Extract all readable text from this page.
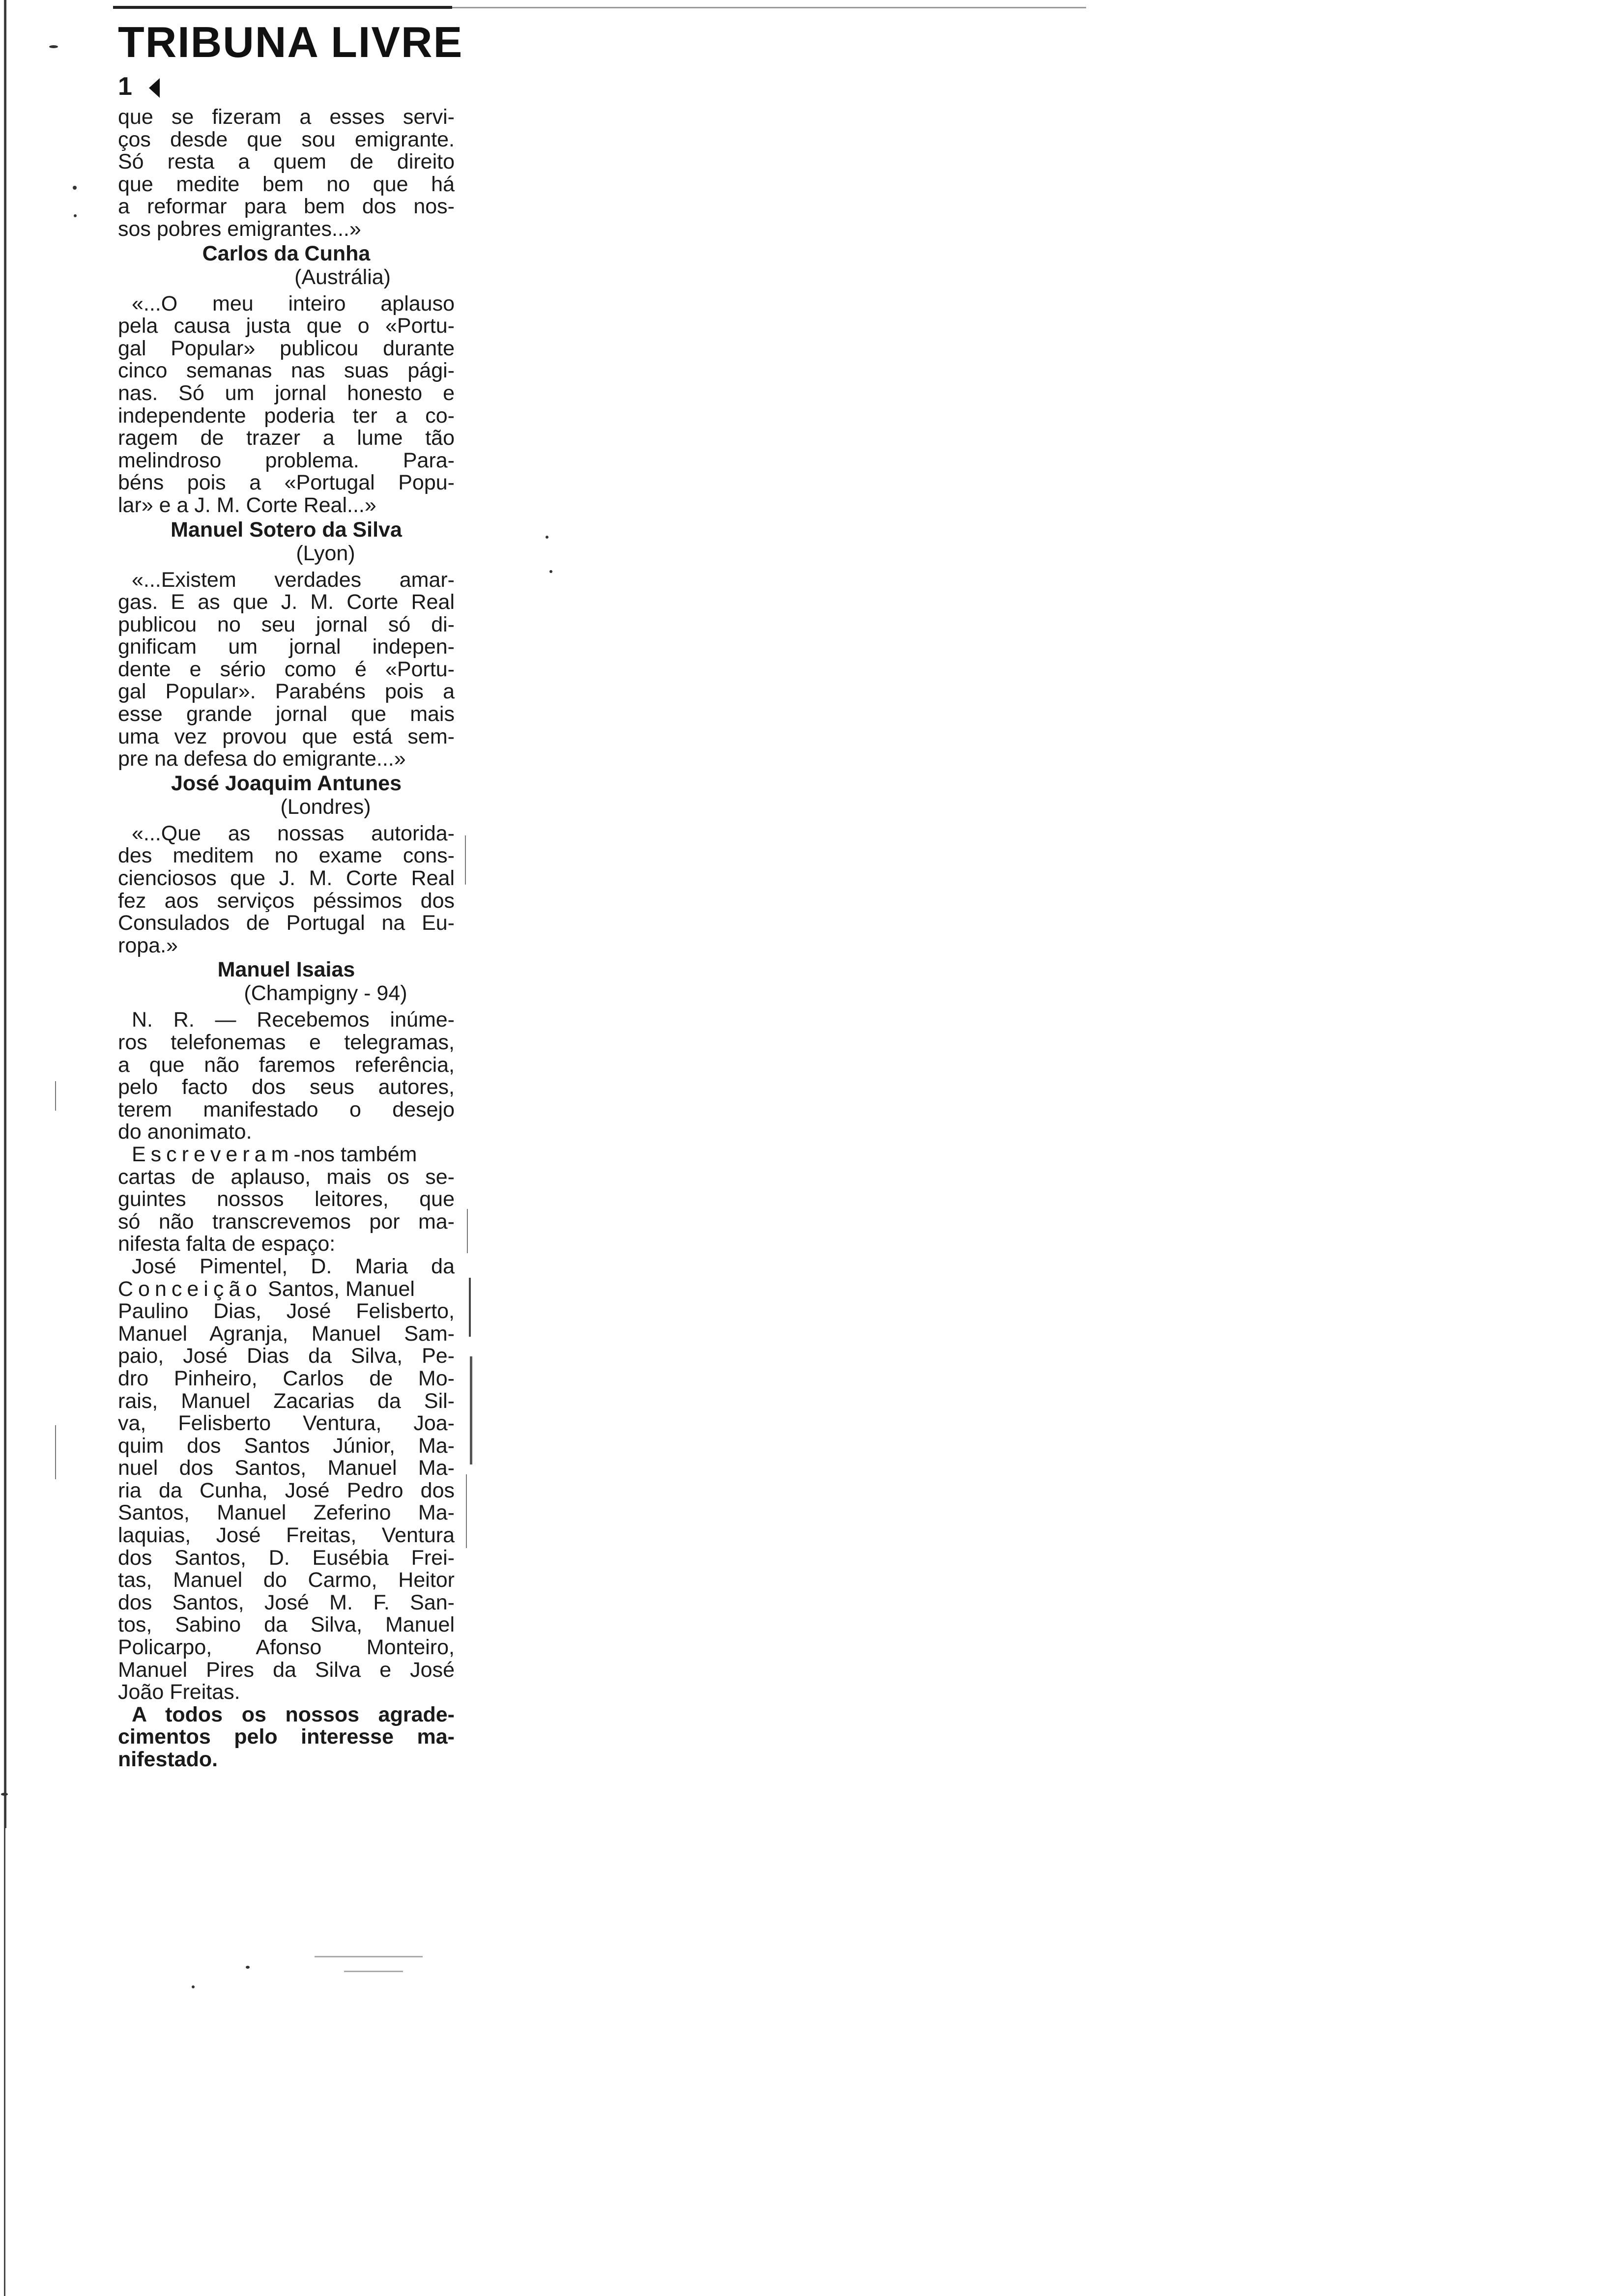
TRIBUNA LIVRE
1

que se fizeram a esses servi-
ços desde que sou emigrante.
Só resta a quem de direito
que medite bem no que há
a reformar para bem dos nos-
sos pobres emigrantes...»

Carlos da Cunha
(Austrália)

«...O meu inteiro aplauso
pela causa justa que o «Portu-
gal Popular» publicou durante
cinco semanas nas suas pági-
nas. Só um jornal honesto e
independente poderia ter a co-
ragem de trazer a lume tão
melindroso problema. Para-
béns pois a «Portugal Popu-
lar» e a J. M. Corte Real...»

Manuel Sotero da Silva
(Lyon)

«...Existem verdades amar-
gas. E as que J. M. Corte Real
publicou no seu jornal só di-
gnificam um jornal indepen-
dente e sério como é «Portu-
gal Popular». Parabéns pois a
esse grande jornal que mais
uma vez provou que está sem-
pre na defesa do emigrante...»

José Joaquim Antunes
(Londres)

«...Que as nossas autorida-
des meditem no exame cons-
cienciosos que J. M. Corte Real
fez aos serviços péssimos dos
Consulados de Portugal na Eu-
ropa.»

Manuel Isaias
(Champigny - 94)

N. R. — Recebemos inúme-
ros telefonemas e telegramas,
a que não faremos referência,
pelo facto dos seus autores,
terem manifestado o desejo
do anonimato.

Escreveram-nos também
cartas de aplauso, mais os se-
guintes nossos leitores, que
só não transcrevemos por ma-
nifesta falta de espaço:

José Pimentel, D. Maria da
Conceição Santos, Manuel
Paulino Dias, José Felisberto,
Manuel Agranja, Manuel Sam-
paio, José Dias da Silva, Pe-
dro Pinheiro, Carlos de Mo-
rais, Manuel Zacarias da Sil-
va, Felisberto Ventura, Joa-
quim dos Santos Júnior, Ma-
nuel dos Santos, Manuel Ma-
ria da Cunha, José Pedro dos
Santos, Manuel Zeferino Ma-
laquias, José Freitas, Ventura
dos Santos, D. Eusébia Frei-
tas, Manuel do Carmo, Heitor
dos Santos, José M. F. San-
tos, Sabino da Silva, Manuel
Policarpo, Afonso Monteiro,
Manuel Pires da Silva e José
João Freitas.

A todos os nossos agrade-
cimentos pelo interesse ma-
nifestado.
